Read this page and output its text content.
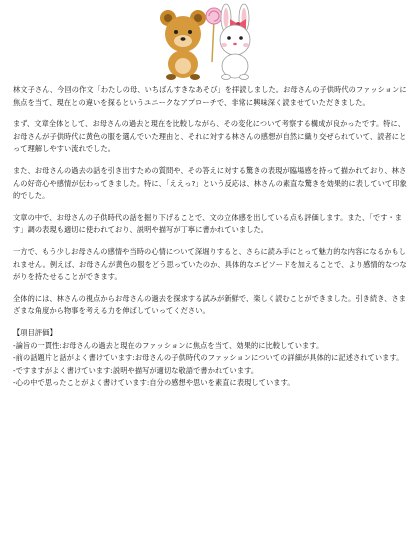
林文子さん、今回の作文「わたしの母、いちばんすきなあそび」を拝読しました。お母さんの子供時代のファッションに焦点を当て、現在との違いを探るというユニークなアプローチで、非常に興味深く読ませていただきました。

まず、文章全体として、お母さんの過去と現在を比較しながら、その変化について考察する構成が良かったです。特に、お母さんが子供時代に黄色の服を選んでいた理由と、それに対する林さんの感想が自然に織り交ぜられていて、読者にとって理解しやすい流れでした。

また、お母さんの過去の話を引き出すための質問や、その答えに対する驚きの表現が臨場感を持って描かれており、林さんの好奇心や感情が伝わってきました。特に、「ええっ?」という反応は、林さんの素直な驚きを効果的に表していて印象的でした。

文章の中で、お母さんの子供時代の話を掘り下げることで、文の立体感を出している点も評価します。また、「です・ます」調の表現も適切に使われており、説明や描写が丁寧に書かれていました。

一方で、もう少しお母さんの感情や当時の心情について深堀りすると、さらに読み手にとって魅力的な内容になるかもしれません。例えば、お母さんが黄色の服をどう思っていたのか、具体的なエピソードを加えることで、より感情的なつながりを持たせることができます。

全体的には、林さんの視点からお母さんの過去を探求する試みが新鮮で、楽しく読むことができました。引き続き、さまざまな角度から物事を考える力を伸ばしていってください。

【項目評価】

-論旨の一貫性:お母さんの過去と現在のファッションに焦点を当て、効果的に比較しています。

-前の話題片と話がよく書けています:お母さんの子供時代のファッションについての詳細が具体的に記述されています。

-ですますがよく書けています:説明や描写が適切な敬語で書かれています。

-心の中で思ったことがよく書けています:自分の感想や思いを素直に表現しています。
